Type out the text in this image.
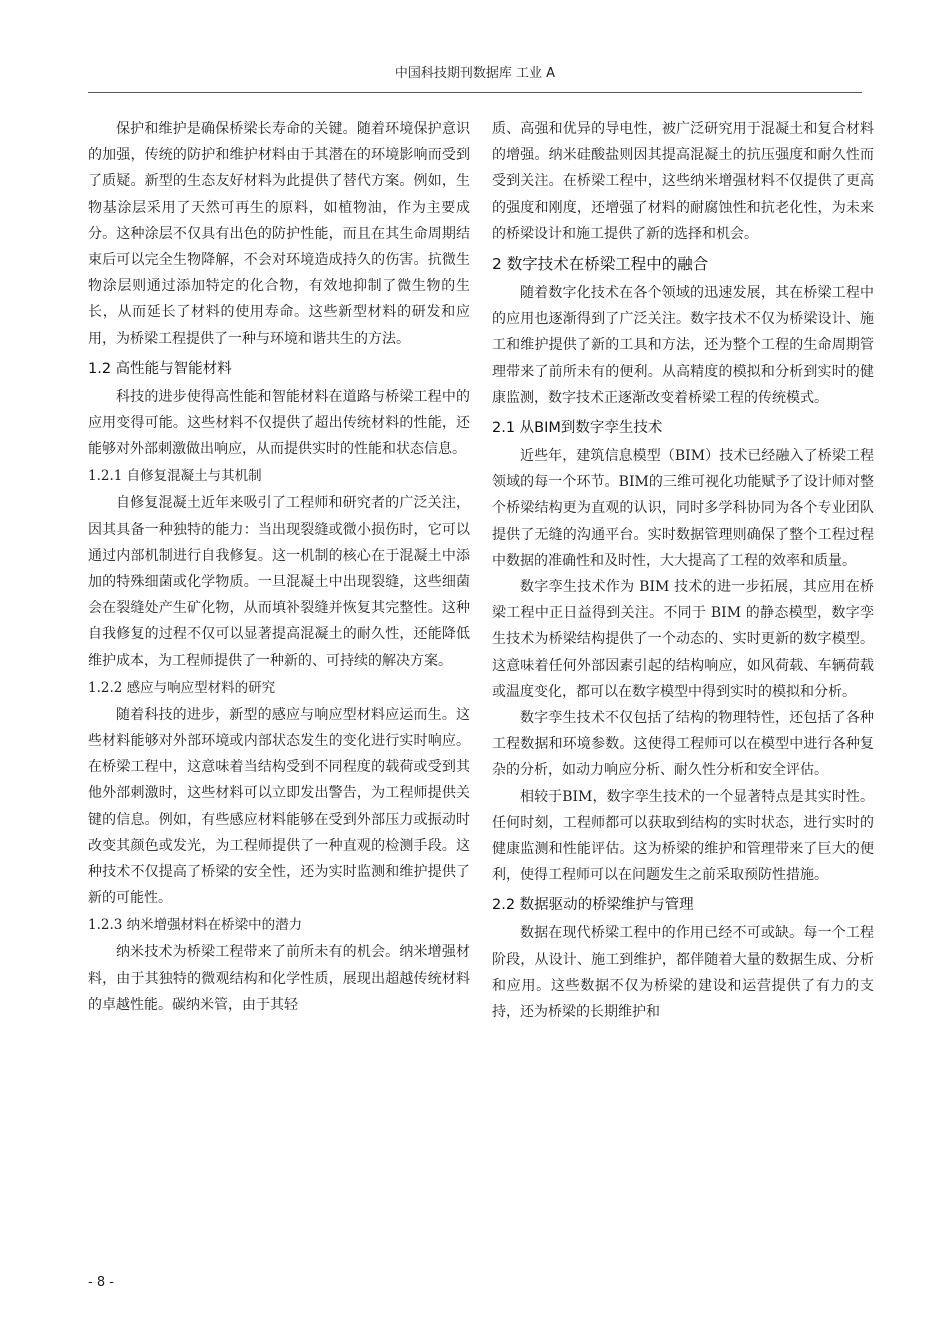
中国科技期刊数据库 工业 A

保护和维护是确保桥梁长寿命的关键。随着环境保护意识的加强，传统的防护和维护材料由于其潜在的环境影响而受到了质疑。新型的生态友好材料为此提供了替代方案。例如，生物基涂层采用了天然可再生的原料，如植物油，作为主要成分。这种涂层不仅具有出色的防护性能，而且在其生命周期结束后可以完全生物降解，不会对环境造成持久的伤害。抗微生物涂层则通过添加特定的化合物，有效地抑制了微生物的生长，从而延长了材料的使用寿命。这些新型材料的研发和应用，为桥梁工程提供了一种与环境和谐共生的方法。

1.2 高性能与智能材料

科技的进步使得高性能和智能材料在道路与桥梁工程中的应用变得可能。这些材料不仅提供了超出传统材料的性能，还能够对外部刺激做出响应，从而提供实时的性能和状态信息。

1.2.1 自修复混凝土与其机制

自修复混凝土近年来吸引了工程师和研究者的广泛关注，因其具备一种独特的能力：当出现裂缝或微小损伤时，它可以通过内部机制进行自我修复。这一机制的核心在于混凝土中添加的特殊细菌或化学物质。一旦混凝土中出现裂缝，这些细菌会在裂缝处产生矿化物，从而填补裂缝并恢复其完整性。这种自我修复的过程不仅可以显著提高混凝土的耐久性，还能降低维护成本，为工程师提供了一种新的、可持续的解决方案。

1.2.2 感应与响应型材料的研究

随着科技的进步，新型的感应与响应型材料应运而生。这些材料能够对外部环境或内部状态发生的变化进行实时响应。在桥梁工程中，这意味着当结构受到不同程度的载荷或受到其他外部刺激时，这些材料可以立即发出警告，为工程师提供关键的信息。例如，有些感应材料能够在受到外部压力或振动时改变其颜色或发光，为工程师提供了一种直观的检测手段。这种技术不仅提高了桥梁的安全性，还为实时监测和维护提供了新的可能性。

1.2.3 纳米增强材料在桥梁中的潜力

纳米技术为桥梁工程带来了前所未有的机会。纳米增强材料，由于其独特的微观结构和化学性质，展现出超越传统材料的卓越性能。碳纳米管，由于其轻

质、高强和优异的导电性，被广泛研究用于混凝土和复合材料的增强。纳米硅酸盐则因其提高混凝土的抗压强度和耐久性而受到关注。在桥梁工程中，这些纳米增强材料不仅提供了更高的强度和刚度，还增强了材料的耐腐蚀性和抗老化性，为未来的桥梁设计和施工提供了新的选择和机会。

2 数字技术在桥梁工程中的融合

随着数字化技术在各个领域的迅速发展，其在桥梁工程中的应用也逐渐得到了广泛关注。数字技术不仅为桥梁设计、施工和维护提供了新的工具和方法，还为整个工程的生命周期管理带来了前所未有的便利。从高精度的模拟和分析到实时的健康监测，数字技术正逐渐改变着桥梁工程的传统模式。

2.1 从BIM到数字孪生技术

近些年，建筑信息模型（BIM）技术已经融入了桥梁工程领域的每一个环节。BIM的三维可视化功能赋予了设计师对整个桥梁结构更为直观的认识，同时多学科协同为各个专业团队提供了无缝的沟通平台。实时数据管理则确保了整个工程过程中数据的准确性和及时性，大大提高了工程的效率和质量。

数字孪生技术作为 BIM 技术的进一步拓展，其应用在桥梁工程中正日益得到关注。不同于 BIM 的静态模型，数字孪生技术为桥梁结构提供了一个动态的、实时更新的数字模型。这意味着任何外部因素引起的结构响应，如风荷载、车辆荷载或温度变化，都可以在数字模型中得到实时的模拟和分析。

数字孪生技术不仅包括了结构的物理特性，还包括了各种工程数据和环境参数。这使得工程师可以在模型中进行各种复杂的分析，如动力响应分析、耐久性分析和安全评估。

相较于BIM，数字孪生技术的一个显著特点是其实时性。任何时刻，工程师都可以获取到结构的实时状态，进行实时的健康监测和性能评估。这为桥梁的维护和管理带来了巨大的便利，使得工程师可以在问题发生之前采取预防性措施。

2.2 数据驱动的桥梁维护与管理

数据在现代桥梁工程中的作用已经不可或缺。每一个工程阶段，从设计、施工到维护，都伴随着大量的数据生成、分析和应用。这些数据不仅为桥梁的建设和运营提供了有力的支持，还为桥梁的长期维护和

- 8 -
